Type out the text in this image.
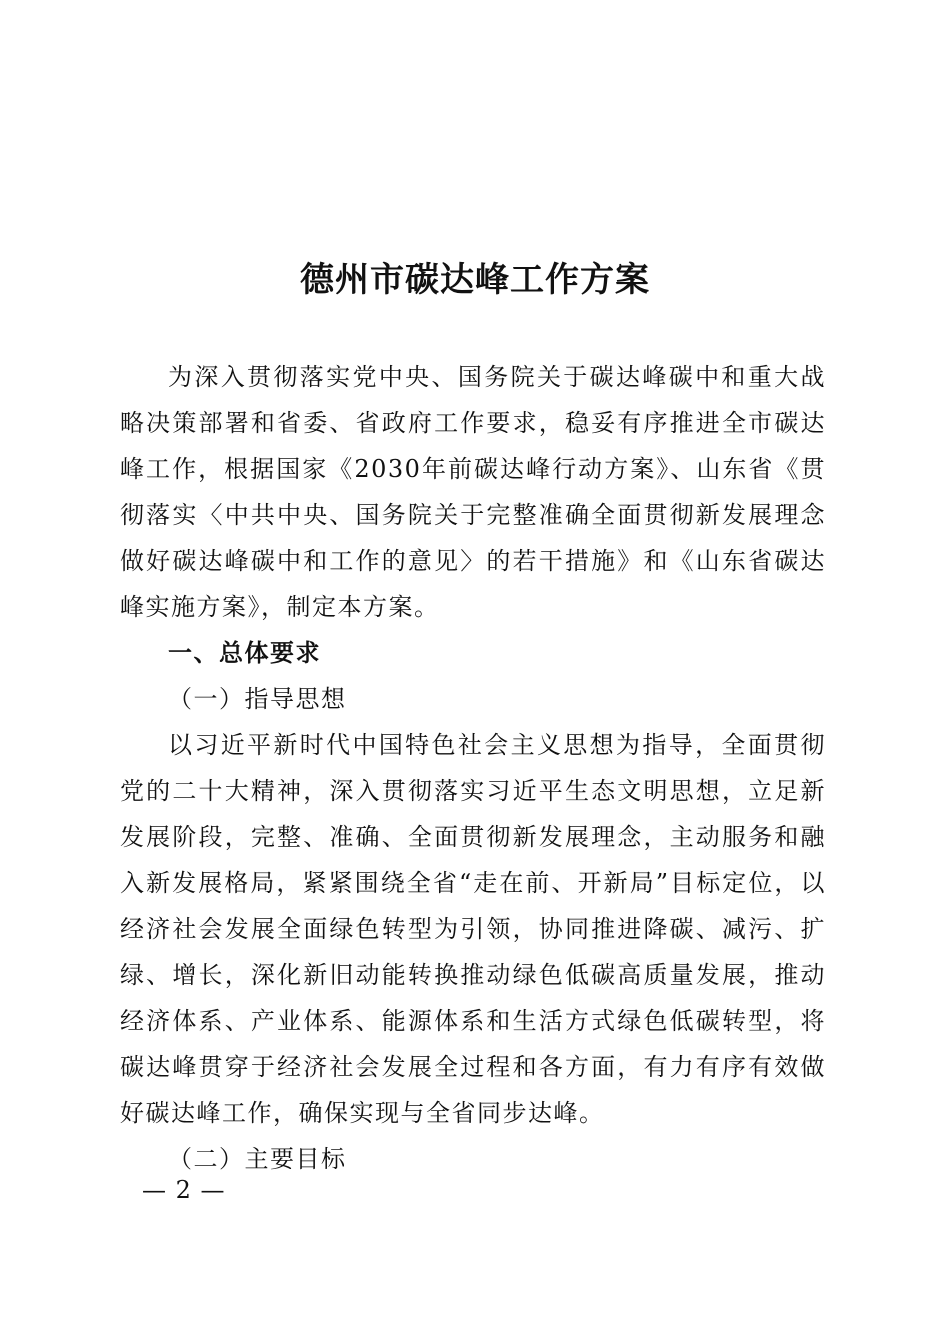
德州市碳达峰工作方案

为深入贯彻落实党中央、国务院关于碳达峰碳中和重大战略决策部署和省委、省政府工作要求，稳妥有序推进全市碳达峰工作，根据国家《2030年前碳达峰行动方案》、山东省《贯彻落实〈中共中央、国务院关于完整准确全面贯彻新发展理念做好碳达峰碳中和工作的意见〉的若干措施》和《山东省碳达峰实施方案》，制定本方案。

一、总体要求

（一）指导思想

以习近平新时代中国特色社会主义思想为指导，全面贯彻党的二十大精神，深入贯彻落实习近平生态文明思想，立足新发展阶段，完整、准确、全面贯彻新发展理念，主动服务和融入新发展格局，紧紧围绕全省“走在前、开新局”目标定位，以经济社会发展全面绿色转型为引领，协同推进降碳、减污、扩绿、增长，深化新旧动能转换推动绿色低碳高质量发展，推动经济体系、产业体系、能源体系和生活方式绿色低碳转型，将碳达峰贯穿于经济社会发展全过程和各方面，有力有序有效做好碳达峰工作，确保实现与全省同步达峰。

（二）主要目标

— 2 —
